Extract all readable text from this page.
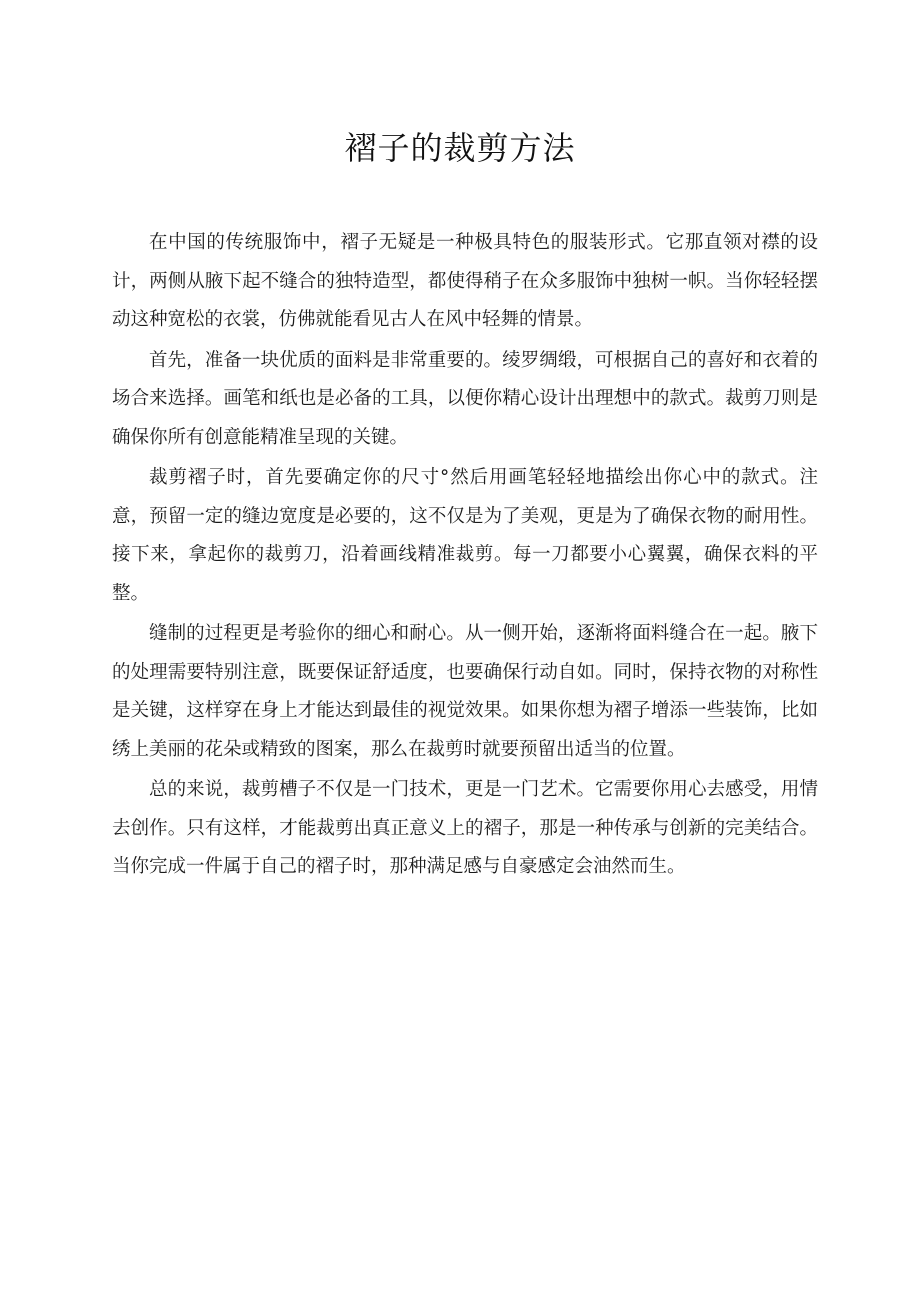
褶子的裁剪方法

在中国的传统服饰中，褶子无疑是一种极具特色的服装形式。它那直领对襟的设计，两侧从腋下起不缝合的独特造型，都使得稍子在众多服饰中独树一帜。当你轻轻摆动这种宽松的衣裳，仿佛就能看见古人在风中轻舞的情景。

首先，准备一块优质的面料是非常重要的。绫罗绸缎，可根据自己的喜好和衣着的场合来选择。画笔和纸也是必备的工具，以便你精心设计出理想中的款式。裁剪刀则是确保你所有创意能精准呈现的关键。

裁剪褶子时，首先要确定你的尺寸°然后用画笔轻轻地描绘出你心中的款式。注意，预留一定的缝边宽度是必要的，这不仅是为了美观，更是为了确保衣物的耐用性。接下来，拿起你的裁剪刀，沿着画线精准裁剪。每一刀都要小心翼翼，确保衣料的平整。

缝制的过程更是考验你的细心和耐心。从一侧开始，逐渐将面料缝合在一起。腋下的处理需要特别注意，既要保证舒适度，也要确保行动自如。同时，保持衣物的对称性是关键，这样穿在身上才能达到最佳的视觉效果。如果你想为褶子增添一些装饰，比如绣上美丽的花朵或精致的图案，那么在裁剪时就要预留出适当的位置。

总的来说，裁剪槽子不仅是一门技术，更是一门艺术。它需要你用心去感受，用情去创作。只有这样，才能裁剪出真正意义上的褶子，那是一种传承与创新的完美结合。当你完成一件属于自己的褶子时，那种满足感与自豪感定会油然而生。
